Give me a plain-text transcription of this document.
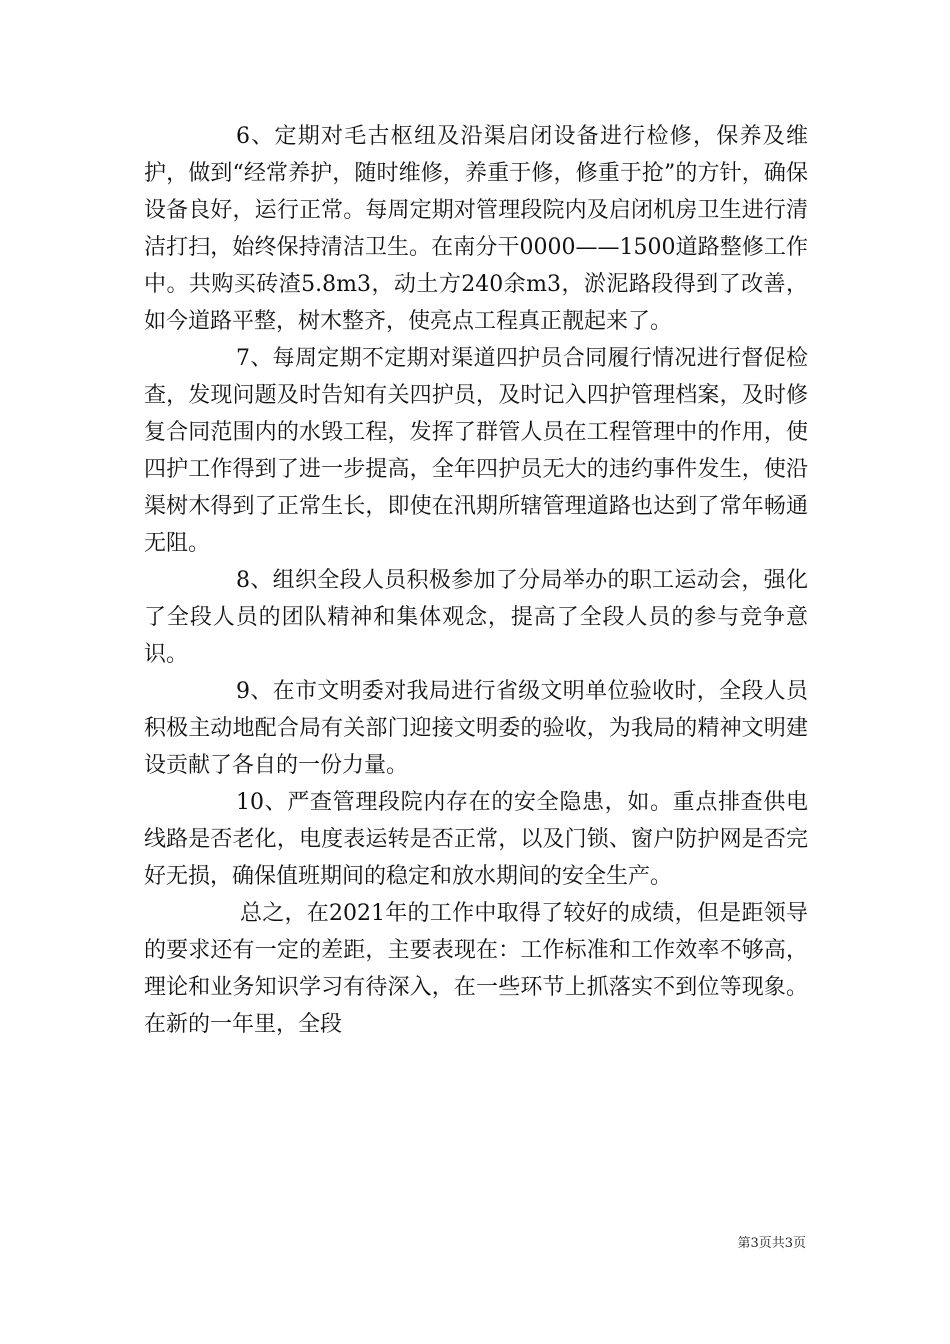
6、定期对毛古枢纽及沿渠启闭设备进行检修，保养及维护，做到“经常养护，随时维修，养重于修，修重于抢”的方针，确保设备良好，运行正常。每周定期对管理段院内及启闭机房卫生进行清洁打扫，始终保持清洁卫生。在南分干0000——1500道路整修工作中。共购买砖渣5.8m3，动土方240余m3，淤泥路段得到了改善，如今道路平整，树木整齐，使亮点工程真正靓起来了。

7、每周定期不定期对渠道四护员合同履行情况进行督促检查，发现问题及时告知有关四护员，及时记入四护管理档案，及时修复合同范围内的水毁工程，发挥了群管人员在工程管理中的作用，使四护工作得到了进一步提高，全年四护员无大的违约事件发生，使沿渠树木得到了正常生长，即使在汛期所辖管理道路也达到了常年畅通无阻。

8、组织全段人员积极参加了分局举办的职工运动会，强化了全段人员的团队精神和集体观念，提高了全段人员的参与竞争意识。

9、在市文明委对我局进行省级文明单位验收时，全段人员积极主动地配合局有关部门迎接文明委的验收，为我局的精神文明建设贡献了各自的一份力量。

10、严查管理段院内存在的安全隐患，如。重点排查供电线路是否老化，电度表运转是否正常，以及门锁、窗户防护网是否完好无损，确保值班期间的稳定和放水期间的安全生产。

总之，在2021年的工作中取得了较好的成绩，但是距领导的要求还有一定的差距，主要表现在：工作标准和工作效率不够高，理论和业务知识学习有待深入，在一些环节上抓落实不到位等现象。在新的一年里，全段

第3页共3页
